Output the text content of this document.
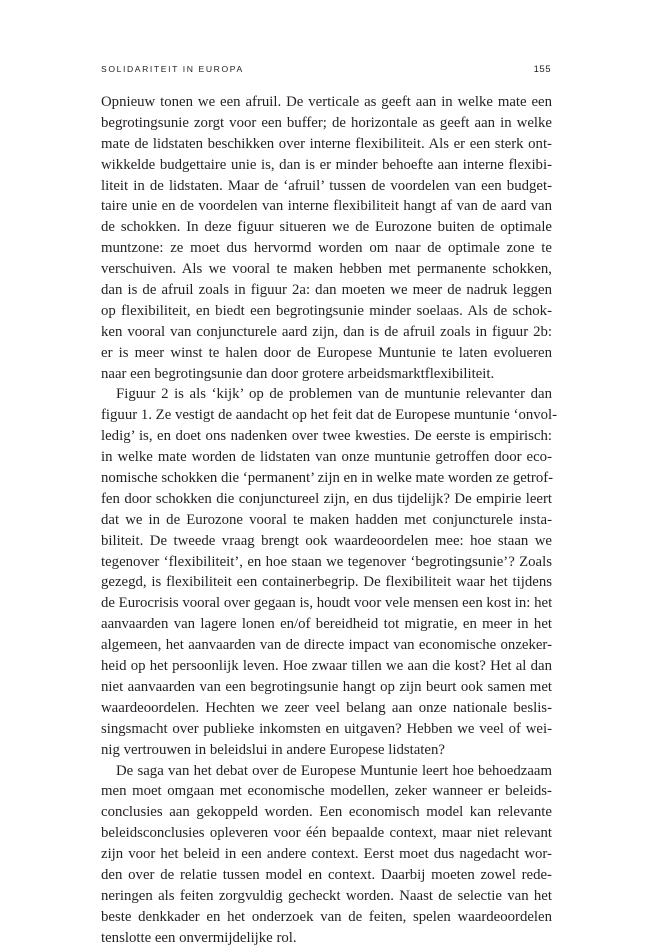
SOLIDARITEIT IN EUROPA	155
Opnieuw tonen we een afruil. De verticale as geeft aan in welke mate een
begrotingsunie zorgt voor een buffer; de horizontale as geeft aan in welke
mate de lidstaten beschikken over interne flexibiliteit. Als er een sterk ont-
wikkelde budgettaire unie is, dan is er minder behoefte aan interne flexibi-
liteit in de lidstaten. Maar de ‘afruil’ tussen de voordelen van een budget-
taire unie en de voordelen van interne flexibiliteit hangt af van de aard van
de schokken. In deze figuur situeren we de Eurozone buiten de optimale
muntzone: ze moet dus hervormd worden om naar de optimale zone te
verschuiven. Als we vooral te maken hebben met permanente schokken,
dan is de afruil zoals in figuur 2a: dan moeten we meer de nadruk leggen
op flexibiliteit, en biedt een begrotingsunie minder soelaas. Als de schok-
ken vooral van conjuncturele aard zijn, dan is de afruil zoals in figuur 2b:
er is meer winst te halen door de Europese Muntunie te laten evolueren
naar een begrotingsunie dan door grotere arbeidsmarktflexibiliteit.
Figuur 2 is als ‘kijk’ op de problemen van de muntunie relevanter dan
figuur 1. Ze vestigt de aandacht op het feit dat de Europese muntunie ‘onvol-
ledig’ is, en doet ons nadenken over twee kwesties. De eerste is empirisch:
in welke mate worden de lidstaten van onze muntunie getroffen door eco-
nomische schokken die ‘permanent’ zijn en in welke mate worden ze getrof-
fen door schokken die conjunctureel zijn, en dus tijdelijk? De empirie leert
dat we in de Eurozone vooral te maken hadden met conjuncturele insta-
biliteit. De tweede vraag brengt ook waardeoordelen mee: hoe staan we
tegenover ‘flexibiliteit’, en hoe staan we tegenover ‘begrotingsunie’? Zoals
gezegd, is flexibiliteit een containerbegrip. De flexibiliteit waar het tijdens
de Eurocrisis vooral over gegaan is, houdt voor vele mensen een kost in: het
aanvaarden van lagere lonen en/of bereidheid tot migratie, en meer in het
algemeen, het aanvaarden van de directe impact van economische onzeker-
heid op het persoonlijk leven. Hoe zwaar tillen we aan die kost? Het al dan
niet aanvaarden van een begrotingsunie hangt op zijn beurt ook samen met
waardeoordelen. Hechten we zeer veel belang aan onze nationale beslis-
singsmacht over publieke inkomsten en uitgaven? Hebben we veel of wei-
nig vertrouwen in beleidslui in andere Europese lidstaten?
De saga van het debat over de Europese Muntunie leert hoe behoedzaam
men moet omgaan met economische modellen, zeker wanneer er beleids-
conclusies aan gekoppeld worden. Een economisch model kan relevante
beleidsconclusies opleveren voor één bepaalde context, maar niet relevant
zijn voor het beleid in een andere context. Eerst moet dus nagedacht wor-
den over de relatie tussen model en context. Daarbij moeten zowel rede-
neringen als feiten zorgvuldig gecheckt worden. Naast de selectie van het
beste denkkader en het onderzoek van de feiten, spelen waardeoordelen
tenslotte een onvermijdelijke rol.
